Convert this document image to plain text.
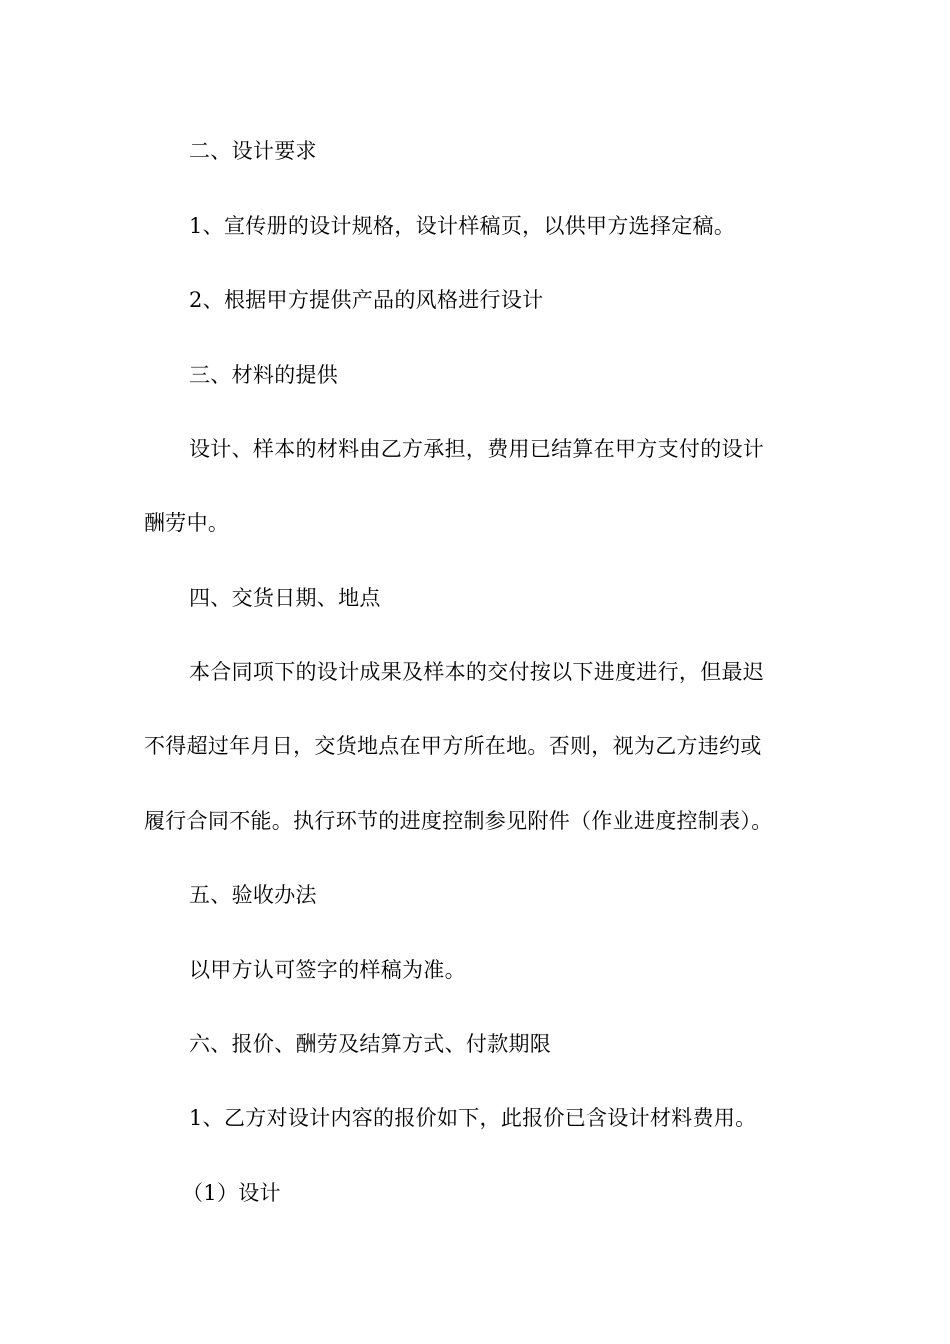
二、设计要求
1、宣传册的设计规格，设计样稿页，以供甲方选择定稿。
2、根据甲方提供产品的风格进行设计
三、材料的提供
设计、样本的材料由乙方承担，费用已结算在甲方支付的设计
酬劳中。
四、交货日期、地点
本合同项下的设计成果及样本的交付按以下进度进行，但最迟
不得超过年月日，交货地点在甲方所在地。否则，视为乙方违约或
履行合同不能。执行环节的进度控制参见附件（作业进度控制表）。
五、验收办法
以甲方认可签字的样稿为准。
六、报价、酬劳及结算方式、付款期限
1、乙方对设计内容的报价如下，此报价已含设计材料费用。
（1）设计
